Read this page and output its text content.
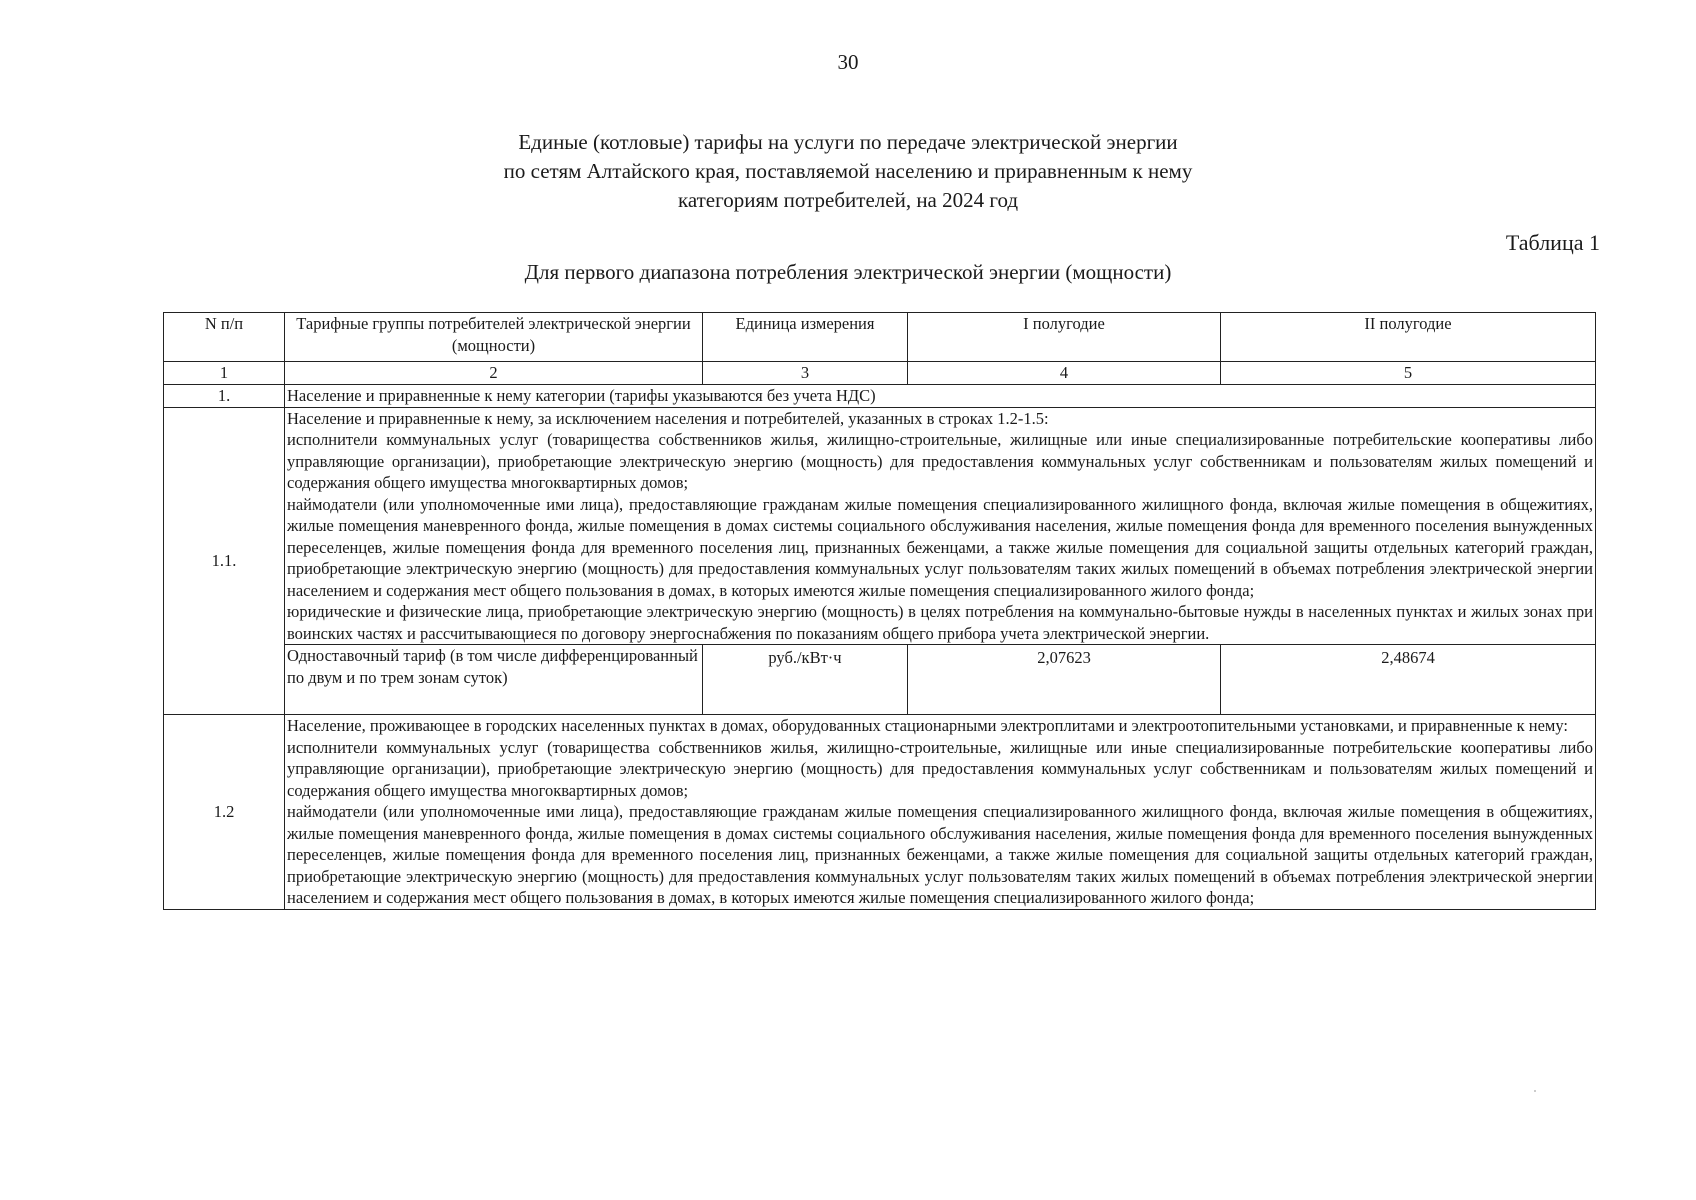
30
Единые (котловые) тарифы на услуги по передаче электрической энергии
по сетям Алтайского края, поставляемой населению и приравненным к нему
категориям потребителей, на 2024 год
Таблица 1
Для первого диапазона потребления электрической энергии (мощности)
N п/п	Тарифные группы потребителей электрической энергии (мощности)	Единица измерения	I полугодие	II полугодие
1	2	3	4	5
1.	Население и приравненные к нему категории (тарифы указываются без учета НДС)			
1.1.	Население и приравненные к нему, за исключением населения и потребителей, указанных в строках 1.2-1.5:

исполнители коммунальных услуг (товарищества собственников жилья, жилищно-строительные, жилищные или иные специализированные потребительские кооперативы либо управляющие организации), приобретающие электрическую энергию (мощность) для предоставления коммунальных услуг собственникам и пользователям жилых помещений и содержания общего имущества многоквартирных домов;

наймодатели (или уполномоченные ими лица), предоставляющие гражданам жилые помещения специализированного жилищного фонда, включая жилые помещения в общежитиях, жилые помещения маневренного фонда, жилые помещения в домах системы социального обслуживания населения, жилые помещения фонда для временного поселения вынужденных переселенцев, жилые помещения фонда для временного поселения лиц, признанных беженцами, а также жилые помещения для социальной защиты отдельных категорий граждан, приобретающие электрическую энергию (мощность) для предоставления коммунальных услуг пользователям таких жилых помещений в объемах потребления электрической энергии населением и содержания мест общего пользования в домах, в которых имеются жилые помещения специализированного жилого фонда;

юридические и физические лица, приобретающие электрическую энергию (мощность) в целях потребления на коммунально-бытовые нужды в населенных пунктах и жилых зонах при воинских частях и рассчитывающиеся по договору энергоснабжения по показаниям общего прибора учета электрической энергии.			

	Одноставочный тариф (в том числе дифференцированный по двум и по трем зонам суток)	руб./кВт·ч	2,07623	2,48674
1.2	Население, проживающее в городских населенных пунктах в домах, оборудованных стационарными электроплитами и электроотопительными установками, и приравненные к нему:

исполнители коммунальных услуг (товарищества собственников жилья, жилищно-строительные, жилищные или иные специализированные потребительские кооперативы либо управляющие организации), приобретающие электрическую энергию (мощность) для предоставления коммунальных услуг собственникам и пользователям жилых помещений и содержания общего имущества многоквартирных домов;

наймодатели (или уполномоченные ими лица), предоставляющие гражданам жилые помещения специализированного жилищного фонда, включая жилые помещения в общежитиях, жилые помещения маневренного фонда, жилые помещения в домах системы социального обслуживания населения, жилые помещения фонда для временного поселения вынужденных переселенцев, жилые помещения фонда для временного поселения лиц, признанных беженцами, а также жилые помещения для социальной защиты отдельных категорий граждан, приобретающие электрическую энергию (мощность) для предоставления коммунальных услуг пользователям таких жилых помещений в объемах потребления электрической энергии населением и содержания мест общего пользования в домах, в которых имеются жилые помещения специализированного жилого фонда;			
